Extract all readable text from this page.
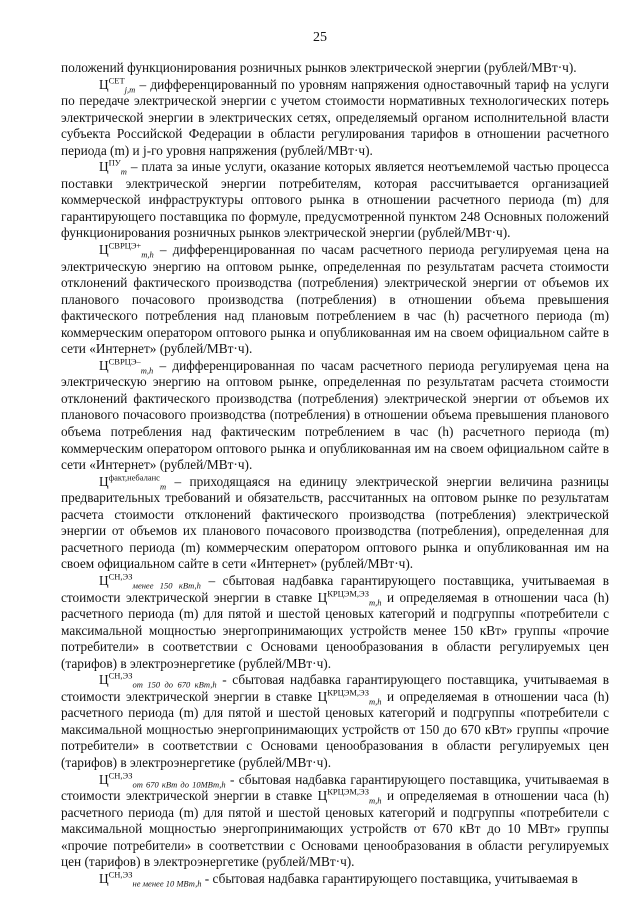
25

положений функционирования розничных рынков электрической энергии (рублей/МВт·ч).

$Ц^{СЕТ}_{j,m}$ – дифференцированный по уровням напряжения одноставочный тариф на услуги по передаче электрической энергии с учетом стоимости нормативных технологических потерь электрической энергии в электрических сетях, определяемый органом исполнительной власти субъекта Российской Федерации в области регулирования тарифов в отношении расчетного периода (m) и j-го уровня напряжения (рублей/МВт·ч).

$Ц^{ПУ}_m$ – плата за иные услуги, оказание которых является неотъемлемой частью процесса поставки электрической энергии потребителям, которая рассчитывается организацией коммерческой инфраструктуры оптового рынка в отношении расчетного периода (m) для гарантирующего поставщика по формуле, предусмотренной пунктом 248 Основных положений функционирования розничных рынков электрической энергии (рублей/МВт·ч).

$Ц^{СВРЦЭ+}_{m,h}$ – дифференцированная по часам расчетного периода регулируемая цена на электрическую энергию на оптовом рынке, определенная по результатам расчета стоимости отклонений фактического производства (потребления) электрической энергии от объемов их планового почасового производства (потребления) в отношении объема превышения фактического потребления над плановым потреблением в час (h) расчетного периода (m) коммерческим оператором оптового рынка и опубликованная им на своем официальном сайте в сети «Интернет» (рублей/МВт·ч).

$Ц^{СВРЦЭ-}_{m,h}$ – дифференцированная по часам расчетного периода регулируемая цена на электрическую энергию на оптовом рынке, определенная по результатам расчета стоимости отклонений фактического производства (потребления) электрической энергии от объемов их планового почасового производства (потребления) в отношении объема превышения планового объема потребления над фактическим потреблением в час (h) расчетного периода (m) коммерческим оператором оптового рынка и опубликованная им на своем официальном сайте в сети «Интернет» (рублей/МВт·ч).

$Ц^{факт,небаланс}_m$ – приходящаяся на единицу электрической энергии величина разницы предварительных требований и обязательств, рассчитанных на оптовом рынке по результатам расчета стоимости отклонений фактического производства (потребления) электрической энергии от объемов их планового почасового производства (потребления), определенная для расчетного периода (m) коммерческим оператором оптового рынка и опубликованная им на своем официальном сайте в сети «Интернет» (рублей/МВт·ч).

$Ц^{СН,ЭЗ}_{менее 150 кВт,h}$ – сбытовая надбавка гарантирующего поставщика, учитываемая в стоимости электрической энергии в ставке $Ц^{КРЦЭМ,ЭЗ}_{m,h}$ и определяемая в отношении часа (h) расчетного периода (m) для пятой и шестой ценовых категорий и подгруппы «потребители с максимальной мощностью энергопринимающих устройств менее 150 кВт» группы «прочие потребители» в соответствии с Основами ценообразования в области регулируемых цен (тарифов) в электроэнергетике (рублей/МВт·ч).

$Ц^{СН,ЭЗ}_{от 150 до 670 кВт,h}$ - сбытовая надбавка гарантирующего поставщика, учитываемая в стоимости электрической энергии в ставке $Ц^{КРЦЭМ,ЭЗ}_{m,h}$ и определяемая в отношении часа (h) расчетного периода (m) для пятой и шестой ценовых категорий и подгруппы «потребители с максимальной мощностью энергопринимающих устройств от 150 до 670 кВт» группы «прочие потребители» в соответствии с Основами ценообразования в области регулируемых цен (тарифов) в электроэнергетике (рублей/МВт·ч).

$Ц^{СН,ЭЗ}_{от 670 кВт до 10МВт,h}$ - сбытовая надбавка гарантирующего поставщика, учитываемая в стоимости электрической энергии в ставке $Ц^{КРЦЭМ,ЭЗ}_{m,h}$ и определяемая в отношении часа (h) расчетного периода (m) для пятой и шестой ценовых категорий и подгруппы «потребители с максимальной мощностью энергопринимающих устройств от 670 кВт до 10 МВт» группы «прочие потребители» в соответствии с Основами ценообразования в области регулируемых цен (тарифов) в электроэнергетике (рублей/МВт·ч).

$Ц^{СН,ЭЗ}_{не менее 10 МВт,h}$ - сбытовая надбавка гарантирующего поставщика, учитываемая в
